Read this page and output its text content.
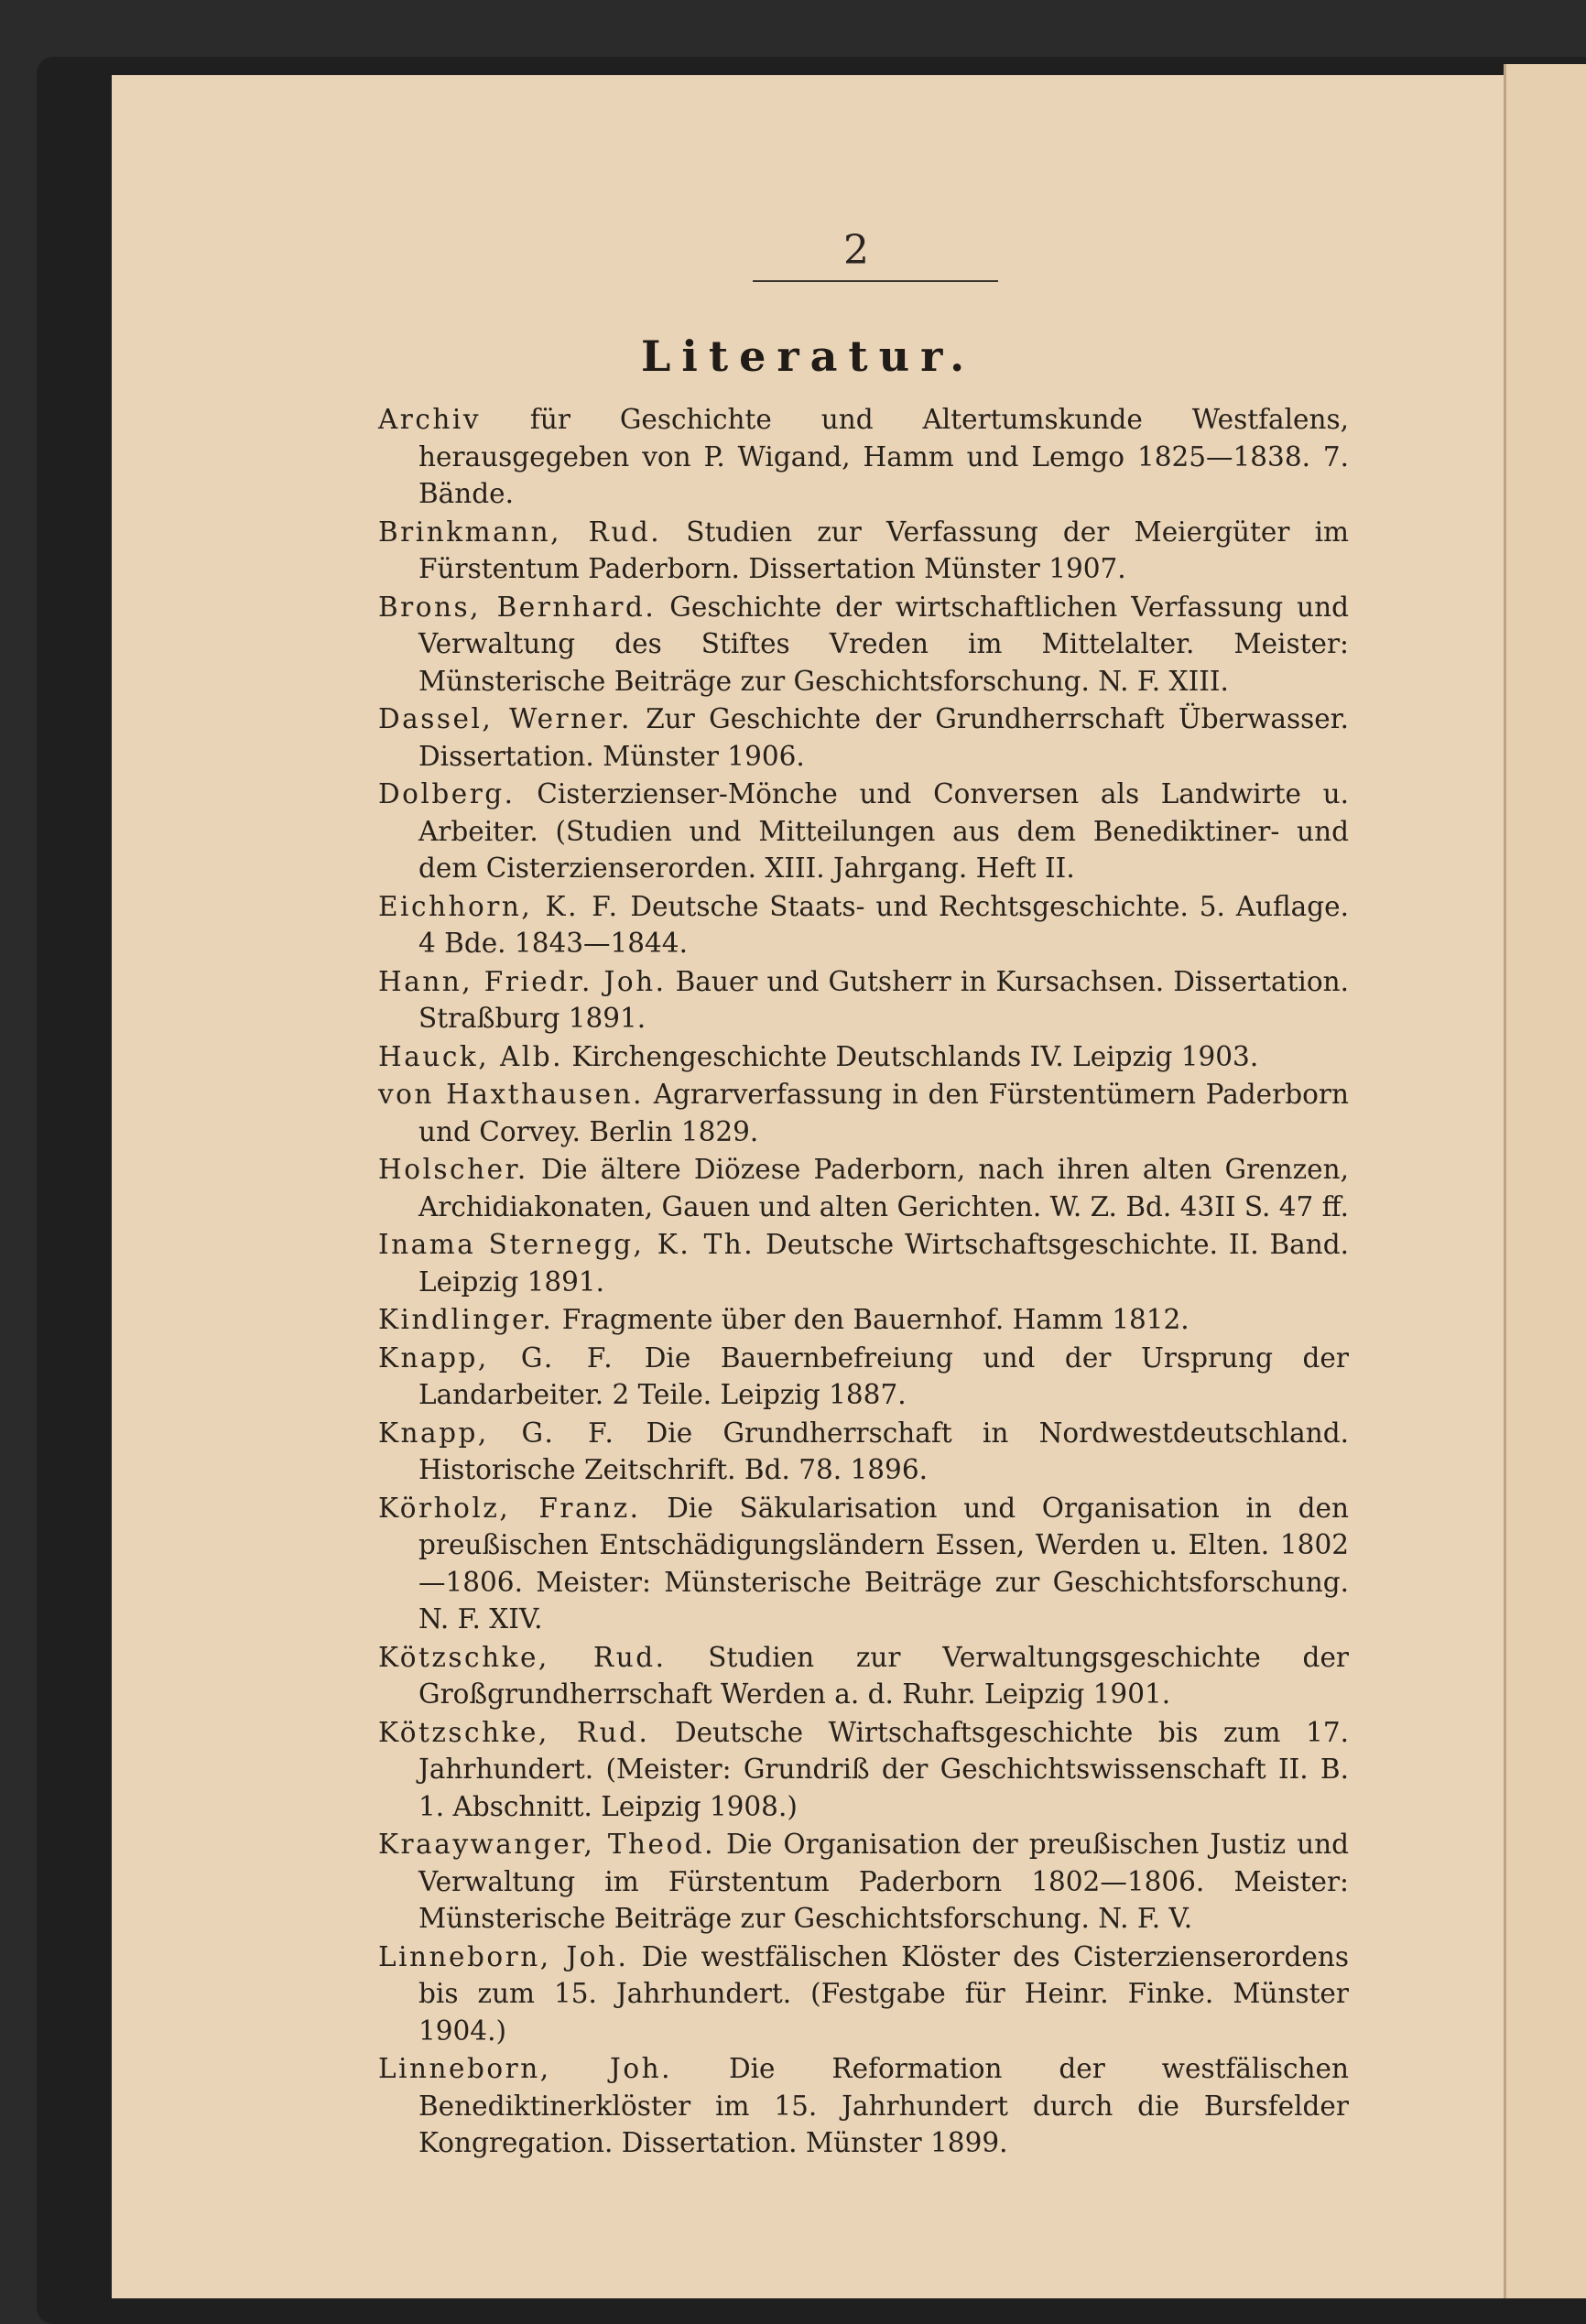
2
Literatur.
Archiv für Geschichte und Altertumskunde Westfalens, herausgegeben von P. Wigand, Hamm und Lemgo 1825—1838. 7. Bände.
Brinkmann, Rud. Studien zur Verfassung der Meiergüter im Fürstentum Paderborn. Dissertation Münster 1907.
Brons, Bernhard. Geschichte der wirtschaftlichen Verfassung und Verwaltung des Stiftes Vreden im Mittelalter. Meister: Münsterische Beiträge zur Geschichtsforschung. N. F. XIII.
Dassel, Werner. Zur Geschichte der Grundherrschaft Überwasser. Dissertation. Münster 1906.
Dolberg. Cisterzienser-Mönche und Conversen als Landwirte u. Arbeiter. (Studien und Mitteilungen aus dem Benediktiner- und dem Cisterzienserorden. XIII. Jahrgang. Heft II.
Eichhorn, K. F. Deutsche Staats- und Rechtsgeschichte. 5. Auflage. 4 Bde. 1843—1844.
Hann, Friedr. Joh. Bauer und Gutsherr in Kursachsen. Dissertation. Straßburg 1891.
Hauck, Alb. Kirchengeschichte Deutschlands IV. Leipzig 1903.
von Haxthausen. Agrarverfassung in den Fürstentümern Paderborn und Corvey. Berlin 1829.
Holscher. Die ältere Diözese Paderborn, nach ihren alten Grenzen, Archidiakonaten, Gauen und alten Gerichten. W. Z. Bd. 43II S. 47 ff.
Inama Sternegg, K. Th. Deutsche Wirtschaftsgeschichte. II. Band. Leipzig 1891.
Kindlinger. Fragmente über den Bauernhof. Hamm 1812.
Knapp, G. F. Die Bauernbefreiung und der Ursprung der Landarbeiter. 2 Teile. Leipzig 1887.
Knapp, G. F. Die Grundherrschaft in Nordwestdeutschland. Historische Zeitschrift. Bd. 78. 1896.
Körholz, Franz. Die Säkularisation und Organisation in den preußischen Entschädigungsländern Essen, Werden u. Elten. 1802—1806. Meister: Münsterische Beiträge zur Geschichtsforschung. N. F. XIV.
Kötzschke, Rud. Studien zur Verwaltungsgeschichte der Großgrundherrschaft Werden a. d. Ruhr. Leipzig 1901.
Kötzschke, Rud. Deutsche Wirtschaftsgeschichte bis zum 17. Jahrhundert. (Meister: Grundriß der Geschichtswissenschaft II. B. 1. Abschnitt. Leipzig 1908.)
Kraaywanger, Theod. Die Organisation der preußischen Justiz und Verwaltung im Fürstentum Paderborn 1802—1806. Meister: Münsterische Beiträge zur Geschichtsforschung. N. F. V.
Linneborn, Joh. Die westfälischen Klöster des Cisterzienserordens bis zum 15. Jahrhundert. (Festgabe für Heinr. Finke. Münster 1904.)
Linneborn, Joh. Die Reformation der westfälischen Benediktinerklöster im 15. Jahrhundert durch die Bursfelder Kongregation. Dissertation. Münster 1899.
